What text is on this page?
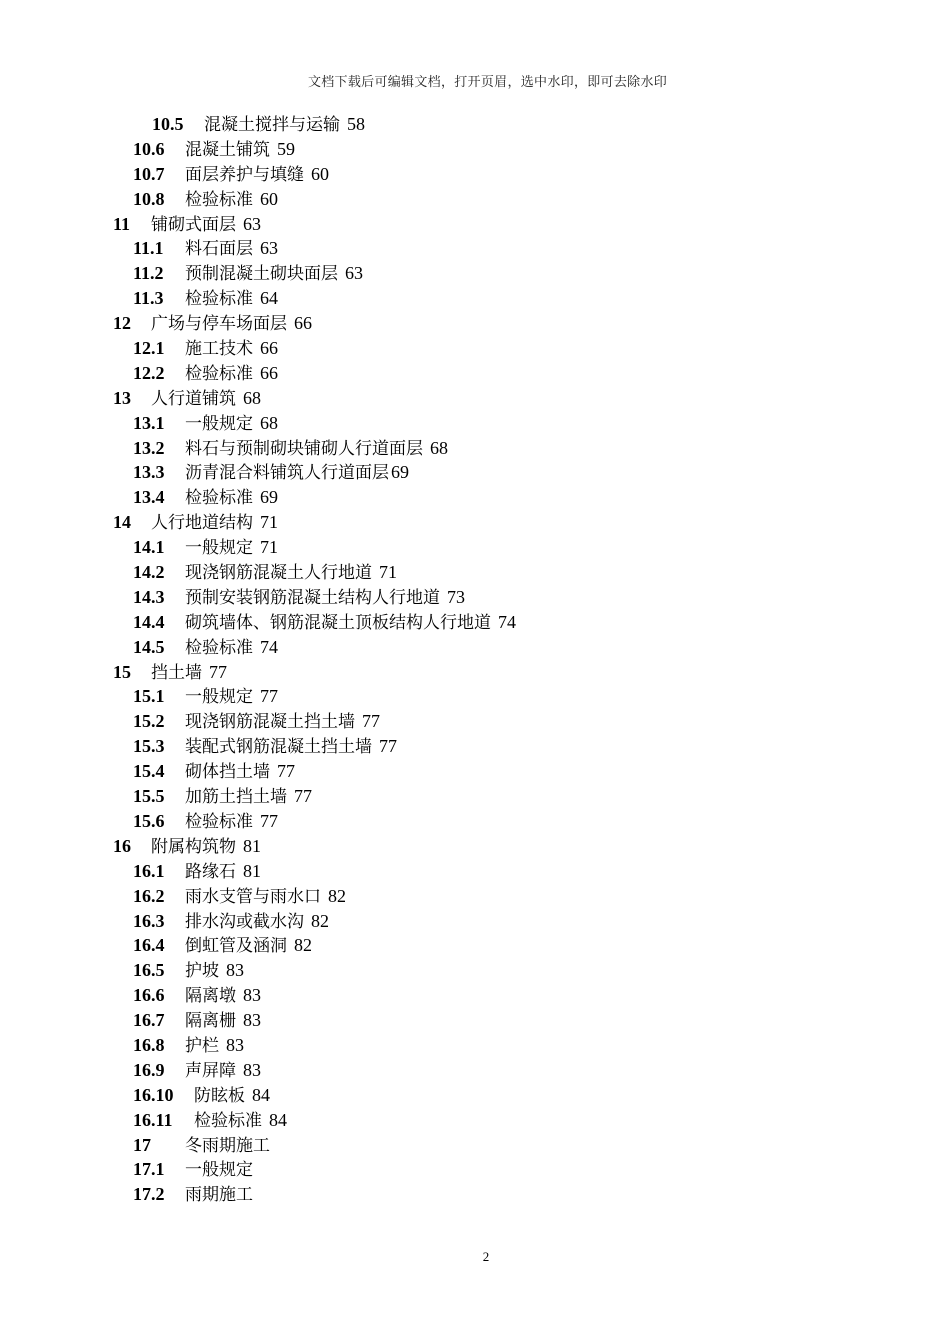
文档下载后可编辑文档，打开页眉，选中水印，即可去除水印
10.5 混凝土搅拌与运输 58
10.6 混凝土铺筑 59
10.7 面层养护与填缝 60
10.8 检验标准 60
11 铺砌式面层 63
11.1 料石面层 63
11.2 预制混凝土砌块面层 63
11.3 检验标准 64
12 广场与停车场面层 66
12.1 施工技术 66
12.2 检验标准 66
13 人行道铺筑 68
13.1 一般规定 68
13.2 料石与预制砌块铺砌人行道面层 68
13.3 沥青混合料铺筑人行道面层 69
13.4 检验标准 69
14 人行地道结构 71
14.1 一般规定 71
14.2 现浇钢筋混凝土人行地道 71
14.3 预制安装钢筋混凝土结构人行地道 73
14.4 砌筑墙体、钢筋混凝土顶板结构人行地道 74
14.5 检验标准 74
15 挡土墙 77
15.1 一般规定 77
15.2 现浇钢筋混凝土挡土墙 77
15.3 装配式钢筋混凝土挡土墙 77
15.4 砌体挡土墙 77
15.5 加筋土挡土墙 77
15.6 检验标准 77
16 附属构筑物 81
16.1 路缘石 81
16.2 雨水支管与雨水口 82
16.3 排水沟或截水沟 82
16.4 倒虹管及涵洞 82
16.5 护坡 83
16.6 隔离墩 83
16.7 隔离栅 83
16.8 护栏 83
16.9 声屏障 83
16.10 防眩板 84
16.11 检验标准 84
17 冬雨期施工
17.1 一般规定
17.2 雨期施工
2
